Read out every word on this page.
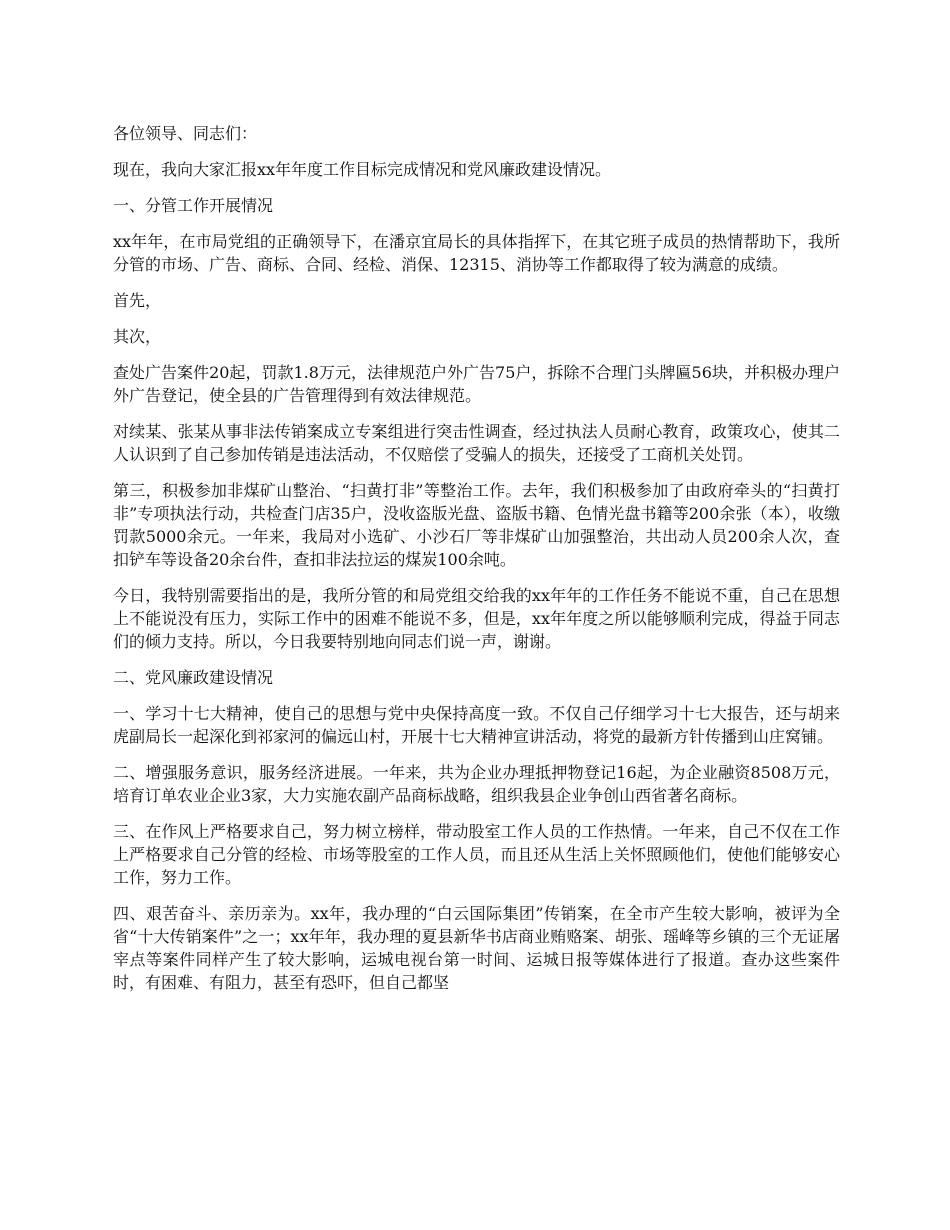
各位领导、同志们：

现在，我向大家汇报xx年年度工作目标完成情况和党风廉政建设情况。

一、分管工作开展情况

xx年年，在市局党组的正确领导下，在潘京宜局长的具体指挥下，在其它班子成员的热情帮助下，我所分管的市场、广告、商标、合同、经检、消保、12315、消协等工作都取得了较为满意的成绩。

首先，

其次，

查处广告案件20起，罚款1.8万元，法律规范户外广告75户，拆除不合理门头牌匾56块，并积极办理户外广告登记，使全县的广告管理得到有效法律规范。

对续某、张某从事非法传销案成立专案组进行突击性调查，经过执法人员耐心教育，政策攻心，使其二人认识到了自己参加传销是违法活动，不仅赔偿了受骗人的损失，还接受了工商机关处罚。

第三，积极参加非煤矿山整治、“扫黄打非”等整治工作。去年，我们积极参加了由政府牵头的“扫黄打非”专项执法行动，共检查门店35户，没收盗版光盘、盗版书籍、色情光盘书籍等200余张（本），收缴罚款5000余元。一年来，我局对小选矿、小沙石厂等非煤矿山加强整治，共出动人员200余人次，查扣铲车等设备20余台件，查扣非法拉运的煤炭100余吨。

今日，我特别需要指出的是，我所分管的和局党组交给我的xx年年的工作任务不能说不重，自己在思想上不能说没有压力，实际工作中的困难不能说不多，但是，xx年年度之所以能够顺利完成，得益于同志们的倾力支持。所以，今日我要特别地向同志们说一声，谢谢。

二、党风廉政建设情况

一、学习十七大精神，使自己的思想与党中央保持高度一致。不仅自己仔细学习十七大报告，还与胡来虎副局长一起深化到祁家河的偏远山村，开展十七大精神宣讲活动，将党的最新方针传播到山庄窝铺。

二、增强服务意识，服务经济进展。一年来，共为企业办理抵押物登记16起，为企业融资8508万元，培育订单农业企业3家，大力实施农副产品商标战略，组织我县企业争创山西省著名商标。

三、在作风上严格要求自己，努力树立榜样，带动股室工作人员的工作热情。一年来，自己不仅在工作上严格要求自己分管的经检、市场等股室的工作人员，而且还从生活上关怀照顾他们，使他们能够安心工作，努力工作。

四、艰苦奋斗、亲历亲为。xx年，我办理的“白云国际集团”传销案，在全市产生较大影响，被评为全省“十大传销案件”之一；xx年年，我办理的夏县新华书店商业贿赂案、胡张、瑶峰等乡镇的三个无证屠宰点等案件同样产生了较大影响，运城电视台第一时间、运城日报等媒体进行了报道。查办这些案件时，有困难、有阻力，甚至有恐吓，但自己都坚
